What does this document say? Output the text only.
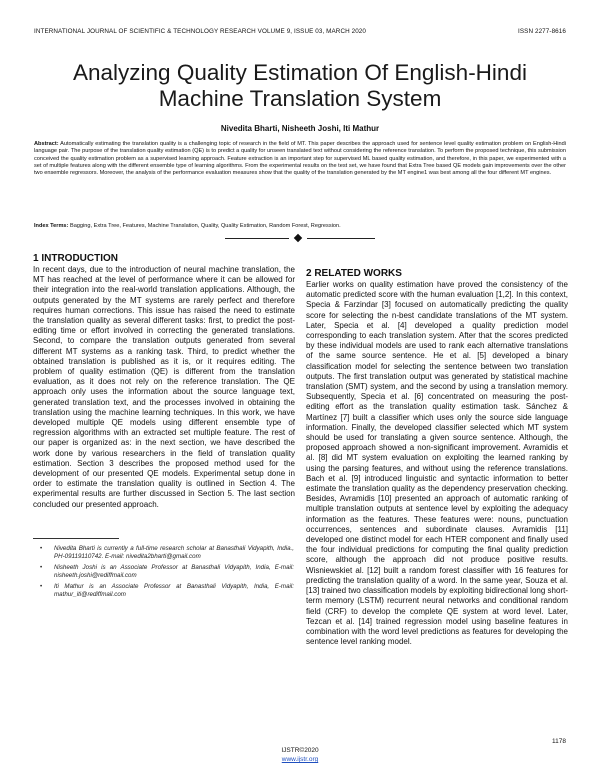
INTERNATIONAL JOURNAL OF SCIENTIFIC & TECHNOLOGY RESEARCH VOLUME 9, ISSUE 03, MARCH 2020	ISSN 2277-8616
Analyzing Quality Estimation Of English-Hindi Machine Translation System
Nivedita Bharti, Nisheeth Joshi, Iti Mathur
Abstract: Automatically estimating the translation quality is a challenging topic of research in the field of MT. This paper describes the approach used for sentence level quality estimation problem on English-Hindi language pair. The purpose of the translation quality estimation (QE) is to predict a quality for unseen translated text without considering the reference translation. To perform the proposed technique, this submission conceived the quality estimation problem as a supervised learning approach. Feature extraction is an important step for supervised ML based quality estimation, and therefore, in this paper, we experimented with a set of multiple features along with the different ensemble type of learning algorithms. From the experimental results on the test set, we have found that Extra Tree based QE models gain improvements over the other two ensemble regressors. Moreover, the analysis of the performance evaluation measures show that the quality of the translation generated by the MT engine1 was best among all the four different MT engines.
Index Terms: Bagging, Extra Tree, Features, Machine Translation, Quality, Quality Estimation, Random Forest, Regression.
1 INTRODUCTION
In recent days, due to the introduction of neural machine translation, the MT has reached at the level of performance where it can be allowed for their integration into the real-world translation applications. Although, the outputs generated by the MT systems are rarely perfect and therefore requires human corrections. This issue has raised the need to estimate the translation quality as several different tasks: first, to predict the post-editing time or effort involved in correcting the generated translations. Second, to compare the translation outputs generated from several different MT systems as a ranking task. Third, to predict whether the obtained translation is published as it is, or it requires editing. The problem of quality estimation (QE) is different from the translation evaluation, as it does not rely on the reference translation. The QE approach only uses the information about the source language text, generated translation text, and the processes involved in obtaining the translation using the machine learning techniques. In this work, we have developed multiple QE models using different ensemble type of regression algorithms with an extracted set multiple feature. The rest of our paper is organized as: in the next section, we have described the work done by various researchers in the field of translation quality estimation. Section 3 describes the proposed method used for the development of our presented QE models. Experimental setup done in order to estimate the translation quality is outlined in Section 4. The experimental results are further discussed in Section 5. The last section concluded our presented approach.
2 RELATED WORKS
Earlier works on quality estimation have proved the consistency of the automatic predicted score with the human evaluation [1,2]. In this context, Specia & Farzindar [3] focused on automatically predicting the quality score for selecting the n-best candidate translations of the MT system. Later, Specia et al. [4] developed a quality prediction model corresponding to each translation system. After that the scores predicted by these individual models are used to rank each alternative translations of the same source sentence. He et al. [5] developed a binary classification model for selecting the sentence between two translation outputs. The first translation output was generated by statistical machine translation (SMT) system, and the second by using a translation memory. Subsequently, Specia et al. [6] concentrated on measuring the post-editing effort as the translation quality estimation task. Sánchez & Martínez [7] built a classifier which uses only the source side language information. Finally, the developed classifier selected which MT system should be used for translating a given source sentence. Although, the proposed approach showed a non-significant improvement. Avramidis et al. [8] did MT system evaluation on exploiting the learned ranking by using the parsing features, and without using the reference translations. Bach et al. [9] introduced linguistic and syntactic information to better estimate the translation quality as the dependency preservation checking. Besides, Avramidis [10] presented an approach of automatic ranking of multiple translation outputs at sentence level by exploiting the adequacy information as the features. These features were: nouns, punctuation occurrences, sentences and subordinate clauses. Avramidis [11] developed one distinct model for each HTER component and finally used the four individual predictions for computing the final quality prediction score, although the approach did not produce positive results. Wisniewskiet al. [12] built a random forest classifier with 16 features for predicting the translation quality of a word. In the same year, Souza et al. [13] trained two classification models by exploiting bidirectional long short-term memory (LSTM) recurrent neural networks and conditional random field (CRF) to develop the complete QE system at word level. Later, Tezcan et al. [14] trained regression model using baseline features in combination with the word level predictions as features for developing the sentence level ranking model.
• Nivedita Bharti is currently a full-time research scholar at Banasthali Vidyapith, India., PH-09119110742. E-mail: nivedita2bharti@gmail.com
• Nisheeth Joshi is an Associate Professor at Banasthali Vidyapith, India, E-mail: nisheeth.joshi@rediffmail.com
• Iti Mathur is an Associate Professor at Banasthali Vidyapith, India, E-mail: mathur_iti@rediffmail.com
1178
IJSTR©2020
www.ijstr.org
